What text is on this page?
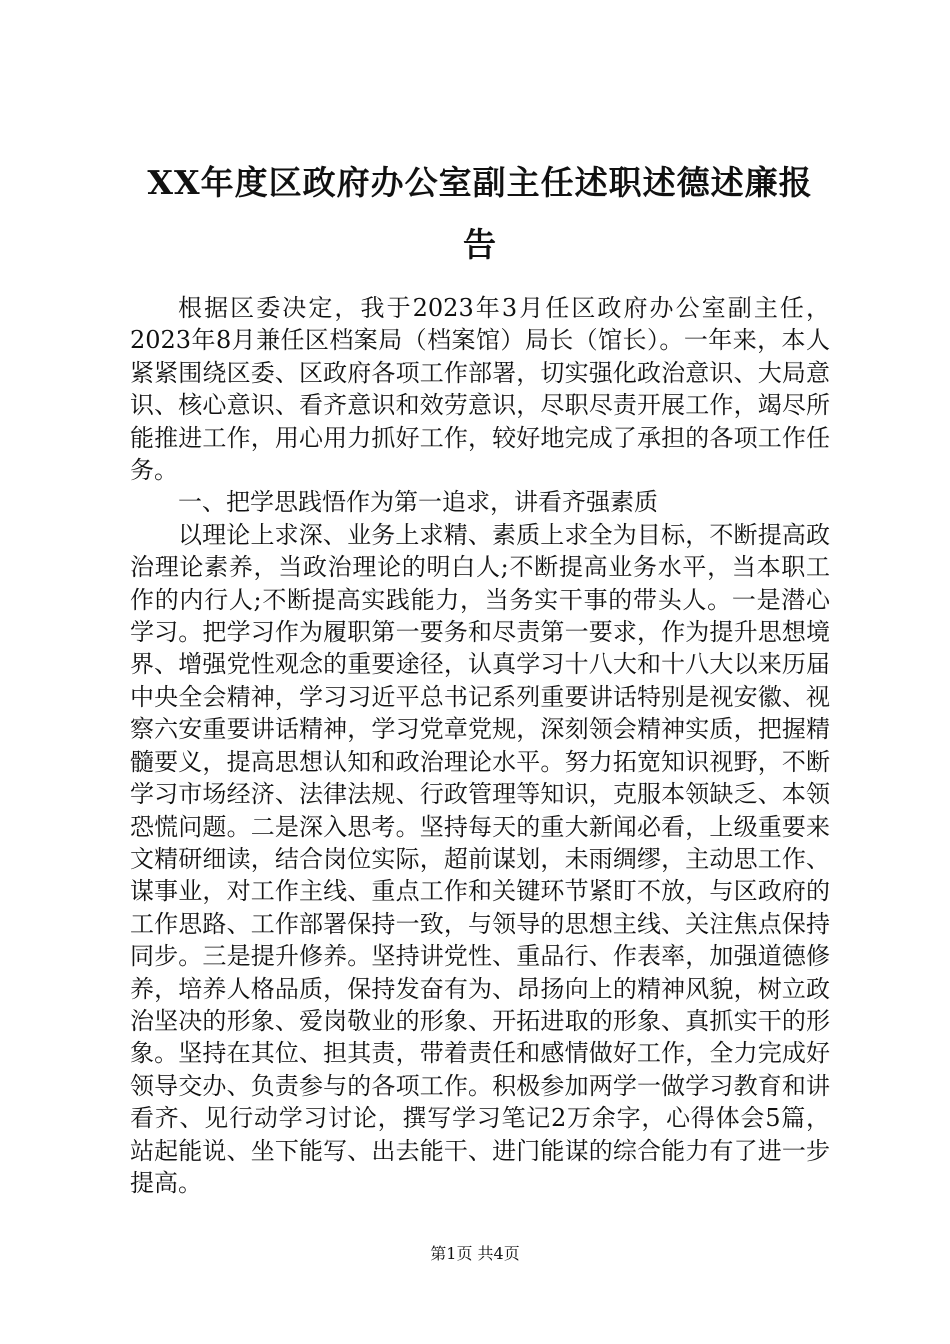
XX年度区政府办公室副主任述职述德述廉报
告

根据区委决定，我于2023年3月任区政府办公室副主任，2023年8月兼任区档案局（档案馆）局长（馆长）。一年来，本人紧紧围绕区委、区政府各项工作部署，切实强化政治意识、大局意识、核心意识、看齐意识和效劳意识，尽职尽责开展工作，竭尽所能推进工作，用心用力抓好工作，较好地完成了承担的各项工作任务。

一、把学思践悟作为第一追求，讲看齐强素质

以理论上求深、业务上求精、素质上求全为目标，不断提高政治理论素养，当政治理论的明白人;不断提高业务水平，当本职工作的内行人;不断提高实践能力，当务实干事的带头人。一是潜心学习。把学习作为履职第一要务和尽责第一要求，作为提升思想境界、增强党性观念的重要途径，认真学习十八大和十八大以来历届中央全会精神，学习习近平总书记系列重要讲话特别是视安徽、视察六安重要讲话精神，学习党章党规，深刻领会精神实质，把握精髓要义，提高思想认知和政治理论水平。努力拓宽知识视野，不断学习市场经济、法律法规、行政管理等知识，克服本领缺乏、本领恐慌问题。二是深入思考。坚持每天的重大新闻必看，上级重要来文精研细读，结合岗位实际，超前谋划，未雨绸缪，主动思工作、谋事业，对工作主线、重点工作和关键环节紧盯不放，与区政府的工作思路、工作部署保持一致，与领导的思想主线、关注焦点保持同步。三是提升修养。坚持讲党性、重品行、作表率，加强道德修养，培养人格品质，保持发奋有为、昂扬向上的精神风貌，树立政治坚决的形象、爱岗敬业的形象、开拓进取的形象、真抓实干的形象。坚持在其位、担其责，带着责任和感情做好工作，全力完成好领导交办、负责参与的各项工作。积极参加两学一做学习教育和讲看齐、见行动学习讨论，撰写学习笔记2万余字，心得体会5篇，站起能说、坐下能写、出去能干、进门能谋的综合能力有了进一步提高。

第1页 共4页
